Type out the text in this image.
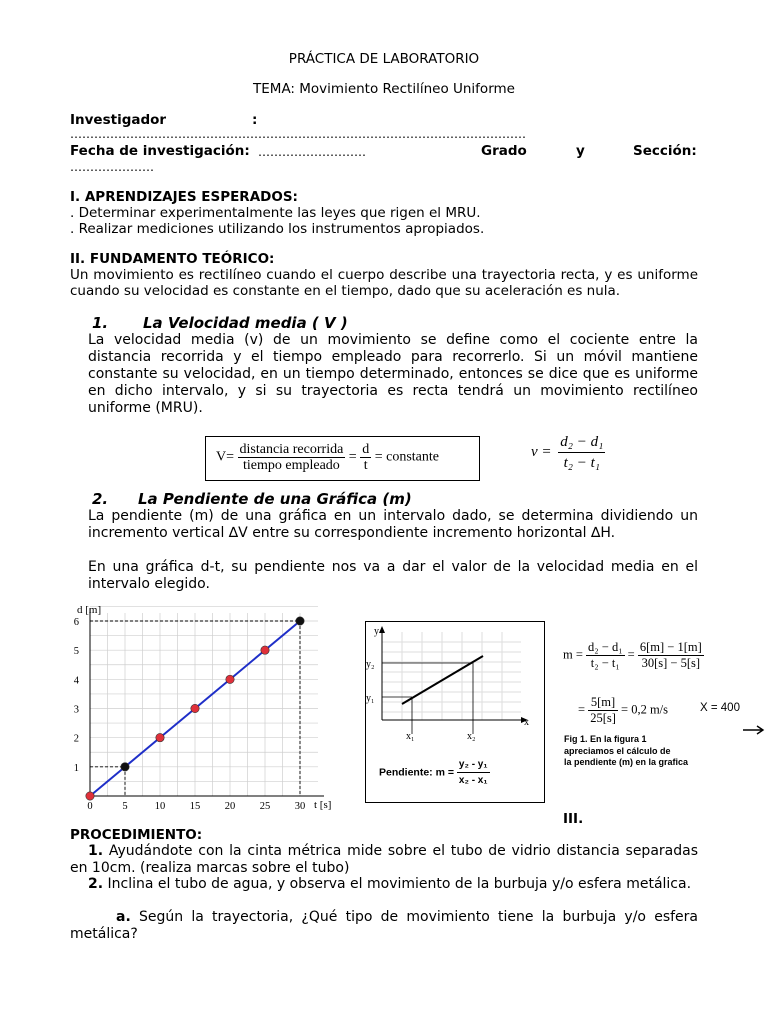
PRÁCTICA DE LABORATORIO
TEMA: Movimiento Rectilíneo Uniforme
Investigador	:
……………………………………………………………………………………………………
Fecha de investigación: ………………………	Grado	y	Sección:
…………………
I. APRENDIZAJES ESPERADOS:
. Determinar experimentalmente las leyes que rigen el MRU.
. Realizar mediciones utilizando los instrumentos apropiados.
II. FUNDAMENTO TEÓRICO:
Un movimiento es rectilíneo cuando el cuerpo describe una trayectoria recta, y es uniforme cuando su velocidad es constante en el tiempo, dado que su aceleración es nula.
1. La Velocidad media ( V )
La velocidad media (v) de un movimiento se define como el cociente entre la distancia recorrida y el tiempo empleado para recorrerlo. Si un móvil mantiene constante su velocidad, en un tiempo determinado, entonces se dice que es uniforme en dicho intervalo, y si su trayectoria es recta tendrá un movimiento rectilíneo uniforme (MRU).
$V= \frac{\text{distancia recorrida}}{\text{tiempo empleado}} = \frac{d}{t}$ = constante	$v = \frac{\text{d₂ − d₁}}{\text{t₂ − t₁}}$
2. La Pendiente de una Gráfica (m)
La pendiente (m) de una gráfica en un intervalo dado, se determina dividiendo un incremento vertical ∆V entre su correspondiente incremento horizontal ∆H.
En una gráfica d-t, su pendiente nos va a dar el valor de la velocidad media en el intervalo elegido.
0	5	10 15 20 25 30
1
2
3
4
5
6
d [m]
t [s]
y
x
y₂
y₁
x₁	x₂
Pendiente: $m = \frac{\text{y₂ - y₁}}{\text{x₂ - x₁}}$
$m = \frac{\text{d₂ − d₁}}{\text{t₂ − t₁}} = \frac{6[m] - 1[m]}{30[s] - 5[s]}$
= $\frac{5[m]}{25[s]} = 0,2$ m/s	X = 400
Fig 1. En la figura 1
apreciamos el cálculo de
la pendiente (m) en la grafica
III.
PROCEDIMIENTO:
1. Ayudándote con la cinta métrica mide sobre el tubo de vidrio distancia separadas en 10cm. (realiza marcas sobre el tubo)
2. Inclina el tubo de agua, y observa el movimiento de la burbuja y/o esfera metálica.
a. Según la trayectoria, ¿Qué tipo de movimiento tiene la burbuja y/o esfera metálica?
